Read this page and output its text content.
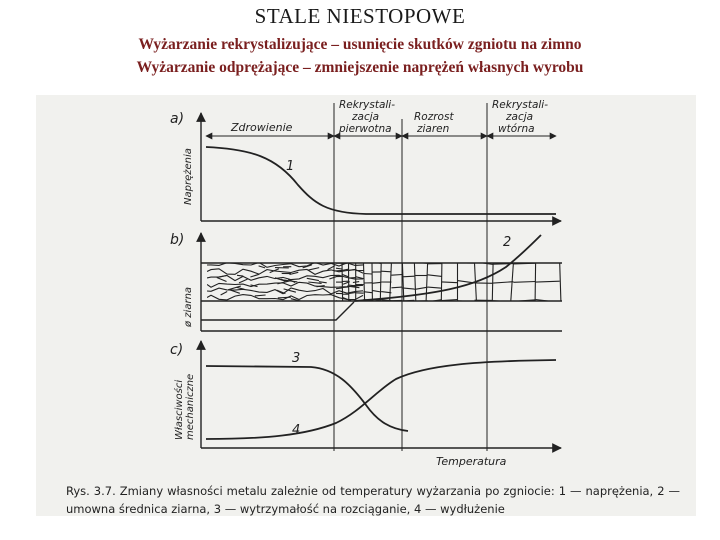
STALE NIESTOPOWE
Wyżarzanie rekrystalizujące – usunięcie skutków zgniotu na zimno
Wyżarzanie odprężające – zmniejszenie naprężeń własnych wyrobu
a)
b)
c)
Zdrowienie
Rekrystali-
zacja
pierwotna
Rozrost
ziaren
Rekrystali-
zacja
wtórna
Naprężenia	1
ø ziarna
2
Własciwości mechaniczne
3
4
Temperatura
Rys. 3.7. Zmiany własności metalu zależnie od temperatury wyżarzania po zgniocie: 1 — naprężenia, 2 — umowna średnica ziarna, 3 — wytrzymałość na rozciąganie, 4 — wydłużenie
